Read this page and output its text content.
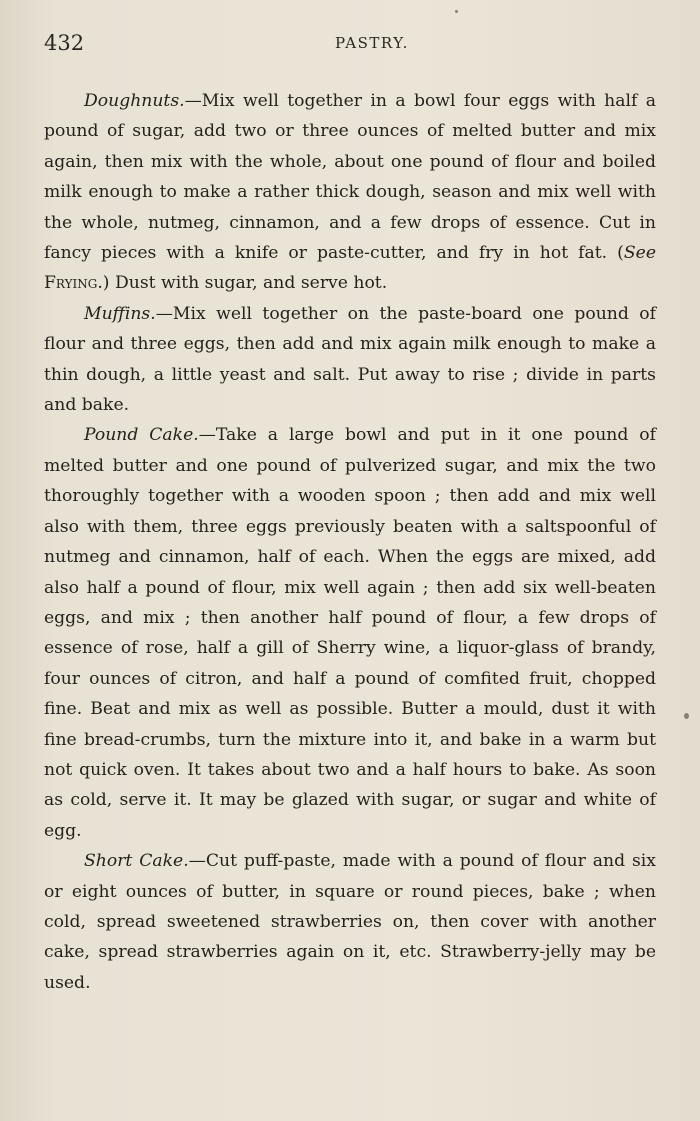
432	PASTRY.

Doughnuts.—Mix well together in a bowl four eggs with half a pound of sugar, add two or three ounces of melted butter and mix again, then mix with the whole, about one pound of flour and boiled milk enough to make a rather thick dough, season and mix well with the whole, nutmeg, cinnamon, and a few drops of essence. Cut in fancy pieces with a knife or paste-cutter, and fry in hot fat. (See Frying.) Dust with sugar, and serve hot.

Muffins.—Mix well together on the paste-board one pound of flour and three eggs, then add and mix again milk enough to make a thin dough, a little yeast and salt. Put away to rise ; divide in parts and bake.

Pound Cake.—Take a large bowl and put in it one pound of melted butter and one pound of pulverized sugar, and mix the two thoroughly together with a wooden spoon ; then add and mix well also with them, three eggs previously beaten with a saltspoonful of nutmeg and cinnamon, half of each. When the eggs are mixed, add also half a pound of flour, mix well again ; then add six well-beaten eggs, and mix ; then another half pound of flour, a few drops of essence of rose, half a gill of Sherry wine, a liquor-glass of brandy, four ounces of citron, and half a pound of comfited fruit, chopped fine. Beat and mix as well as possible. Butter a mould, dust it with fine bread-crumbs, turn the mixture into it, and bake in a warm but not quick oven. It takes about two and a half hours to bake. As soon as cold, serve it. It may be glazed with sugar, or sugar and white of egg.

Short Cake.—Cut puff-paste, made with a pound of flour and six or eight ounces of butter, in square or round pieces, bake ; when cold, spread sweetened strawberries on, then cover with another cake, spread strawberries again on it, etc. Strawberry-jelly may be used.
